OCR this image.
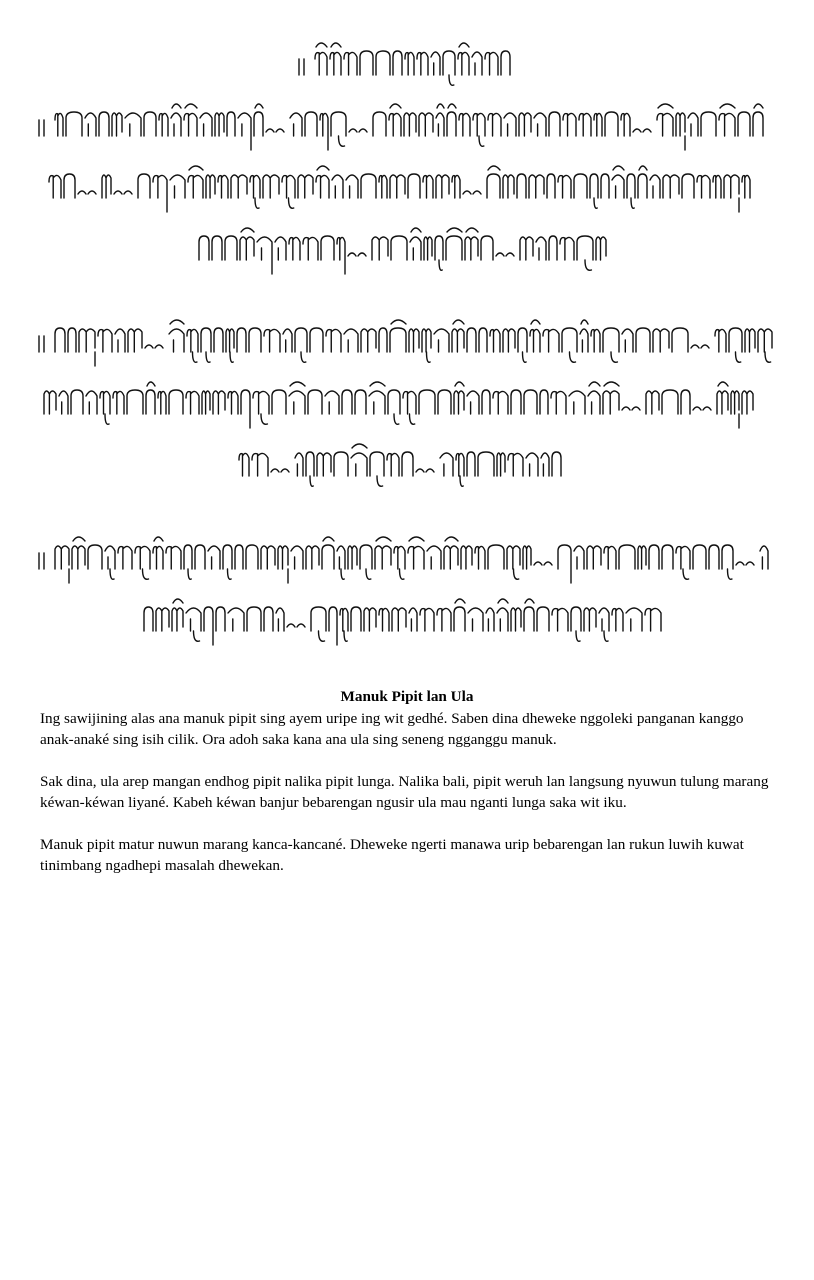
Manuk Pipit lan Ula

Ing sawijining alas ana manuk pipit sing ayem uripe ing wit gedhé. Saben dina dheweke nggoleki panganan kanggo anak-anaké sing isih cilik. Ora adoh saka kana ana ula sing seneng ngganggu manuk.

Sak dina, ula arep mangan endhog pipit nalika pipit lunga. Nalika bali, pipit weruh lan langsung nyuwun tulung marang kéwan-kéwan liyané. Kabeh kéwan banjur bebarengan ngusir ula mau nganti lunga saka wit iku.

Manuk pipit matur nuwun marang kanca-kancané. Dheweke ngerti manawa urip bebarengan lan rukun luwih kuwat tinimbang ngadhepi masalah dhewekan.
